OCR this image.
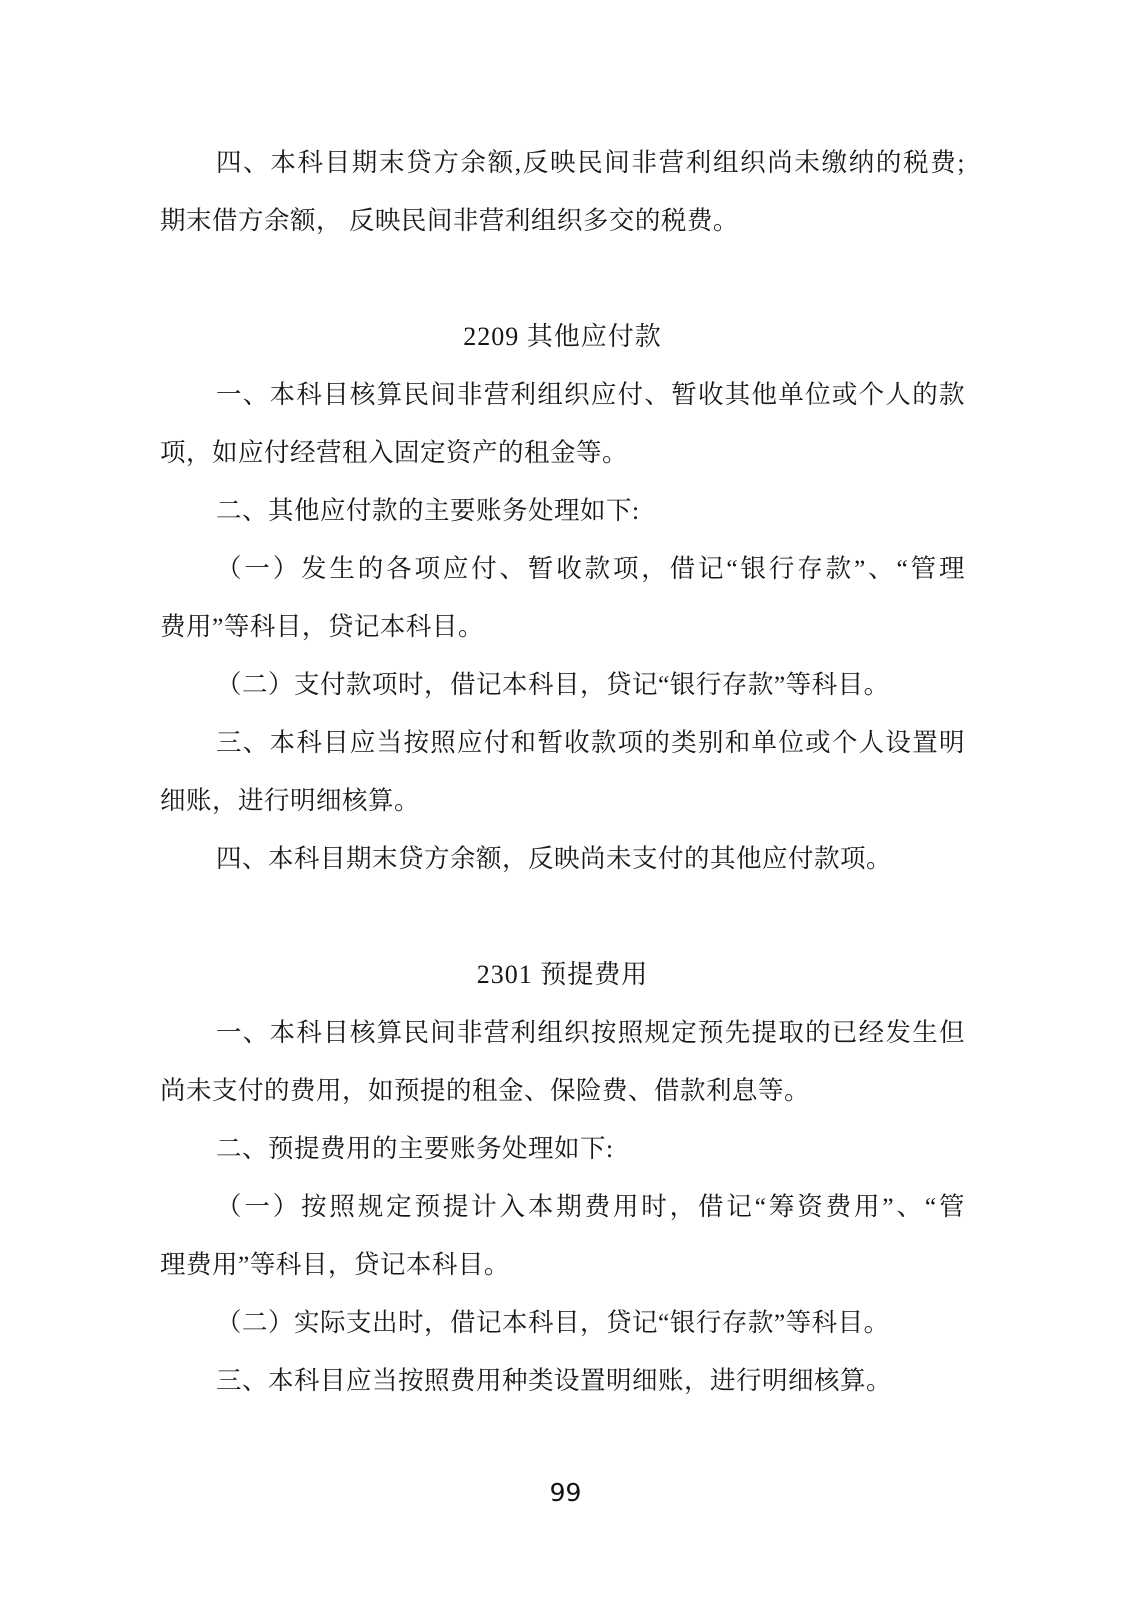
四、本科目期末贷方余额,反映民间非营利组织尚未缴纳的税费;
期末借方余额， 反映民间非营利组织多交的税费。
2209 其他应付款
一、本科目核算民间非营利组织应付、暂收其他单位或个人的款
项，如应付经营租入固定资产的租金等。
二、其他应付款的主要账务处理如下:
（一）发生的各项应付、暂收款项，借记“银行存款”、“管理
费用”等科目，贷记本科目。
（二）支付款项时，借记本科目，贷记“银行存款”等科目。
三、本科目应当按照应付和暂收款项的类别和单位或个人设置明
细账，进行明细核算。
四、本科目期末贷方余额，反映尚未支付的其他应付款项。
2301 预提费用
一、本科目核算民间非营利组织按照规定预先提取的已经发生但
尚未支付的费用，如预提的租金、保险费、借款利息等。
二、预提费用的主要账务处理如下:
（一）按照规定预提计入本期费用时，借记“筹资费用”、“管
理费用”等科目，贷记本科目。
（二）实际支出时，借记本科目，贷记“银行存款”等科目。
三、本科目应当按照费用种类设置明细账，进行明细核算。
99
